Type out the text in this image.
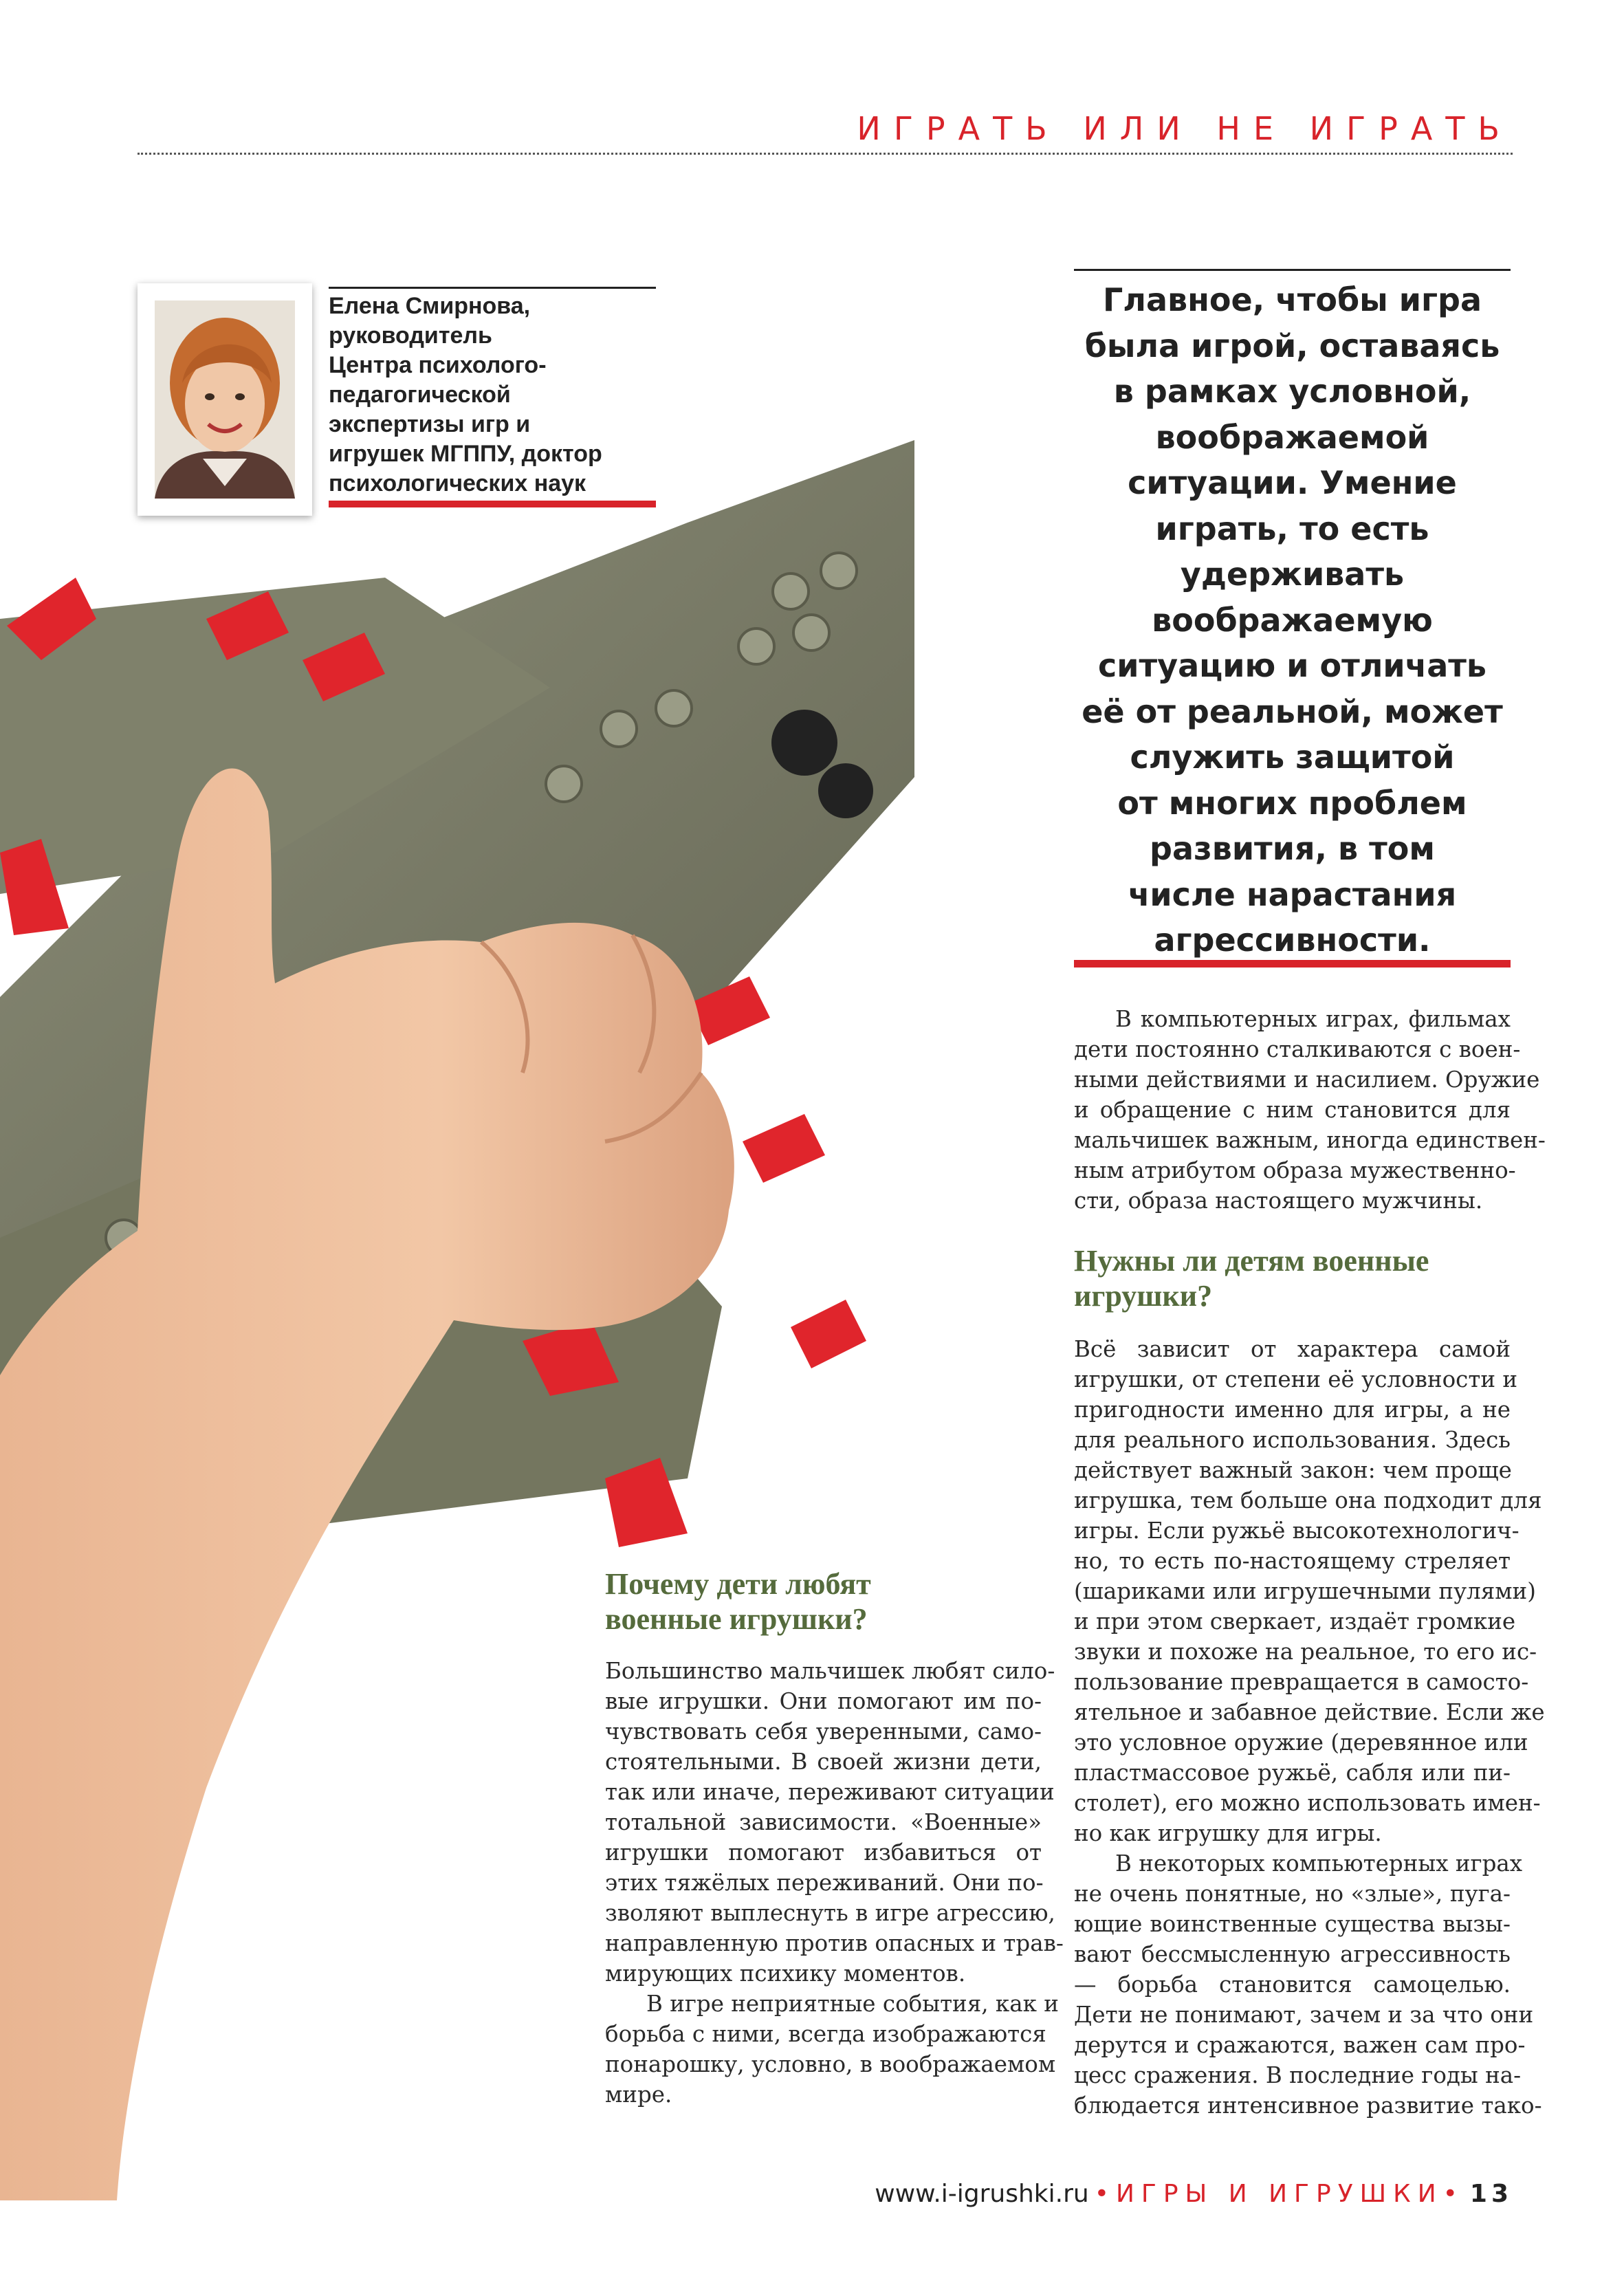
ИГРАТЬ ИЛИ НЕ ИГРАТЬ
Елена Смирнова,
руководитель
Центра психолого-
педагогической
экспертизы игр и
игрушек МГППУ, доктор
психологических наук
Главное, чтобы игра
была игрой, оставаясь
в рамках условной,
воображаемой
ситуации. Умение
играть, то есть
удерживать
воображаемую
ситуацию и отличать
её от реальной, может
служить защитой
от многих проблем
развития, в том
числе нарастания
агрессивности.
Почему дети любят
военные игрушки?
Большинство мальчишек любят сило-
вые игрушки. Они помогают им по-
чувствовать себя уверенными, само-
стоятельными. В своей жизни дети,
так или иначе, переживают ситуации
тотальной зависимости. «Военные»
игрушки помогают избавиться от
этих тяжёлых переживаний. Они по-
зволяют выплеснуть в игре агрессию,
направленную против опасных и трав-
мирующих психику моментов.
В игре неприятные события, как и
борьба с ними, всегда изображаются
понарошку, условно, в воображаемом
мире.
В компьютерных играх, фильмах
дети постоянно сталкиваются с воен-
ными действиями и насилием. Оружие
и обращение с ним становится для
мальчишек важным, иногда единствен-
ным атрибутом образа мужественно-
сти, образа настоящего мужчины.
Нужны ли детям военные
игрушки?
Всё зависит от характера самой
игрушки, от степени её условности и
пригодности именно для игры, а не
для реального использования. Здесь
действует важный закон: чем проще
игрушка, тем больше она подходит для
игры. Если ружьё высокотехнологич-
но, то есть по-настоящему стреляет
(шариками или игрушечными пулями)
и при этом сверкает, издаёт громкие
звуки и похоже на реальное, то его ис-
пользование превращается в самосто-
ятельное и забавное действие. Если же
это условное оружие (деревянное или
пластмассовое ружьё, сабля или пи-
столет), его можно использовать имен-
но как игрушку для игры.
В некоторых компьютерных играх
не очень понятные, но «злые», пуга-
ющие воинственные существа вызы-
вают бессмысленную агрессивность
— борьба становится самоцелью.
Дети не понимают, зачем и за что они
дерутся и сражаются, важен сам про-
цесс сражения. В последние годы на-
блюдается интенсивное развитие тако-
www.i-igrushki.ru •ИГРЫ И ИГРУШКИ• 13
